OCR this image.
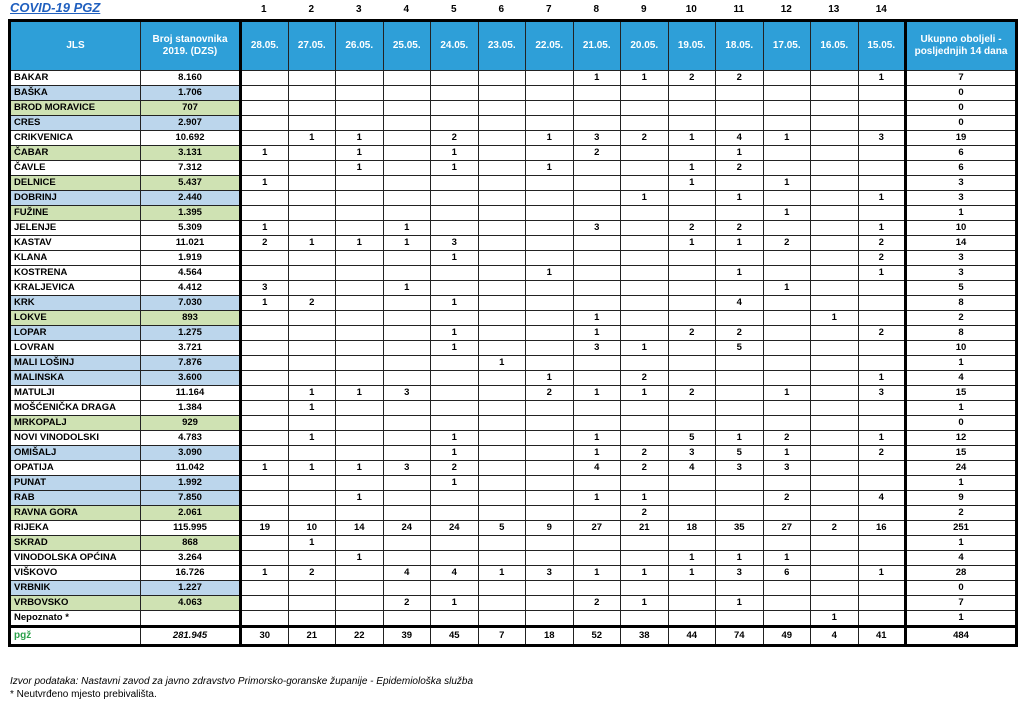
COVID-19 PGZ	1	2	3	4	5	6	7	8	9	10	11	12	13	14
JLS	Broj stanovnika 2019. (DZS)	28.05.	27.05.	26.05.	25.05.	24.05.	23.05.	22.05.	21.05.	20.05.	19.05.	18.05.	17.05.	16.05.	15.05.	Ukupno oboljeli - posljednjih 14 dana
BAKAR	8.160								1	1	2	2			1	7
BAŠKA	1.706															0
BROD MORAVICE	707															0
CRES	2.907															0
CRIKVENICA	10.692		1	1		2		1	3	2	1	4	1		3	19
ČABAR	3.131	1		1		1			2			1				6
ČAVLE	7.312			1		1		1			1	2				6
DELNICE	5.437	1									1		1			3
DOBRINJ	2.440									1		1			1	3
FUŽINE	1.395												1			1
JELENJE	5.309	1			1				3		2	2			1	10
KASTAV	11.021	2	1	1	1	3					1	1	2		2	14
KLANA	1.919					1									2	3
KOSTRENA	4.564							1				1			1	3
KRALJEVICA	4.412	3			1								1			5
KRK	7.030	1	2			1						4				8
LOKVE	893								1					1		2
LOPAR	1.275					1			1		2	2			2	8
LOVRAN	3.721					1			3	1		5				10
MALI LOŠINJ	7.876						1									1
MALINSKA	3.600							1		2					1	4
MATULJI	11.164		1	1	3			2	1	1	2		1		3	15
MOŠĆENIČKA DRAGA	1.384		1													1
MRKOPALJ	929															0
NOVI VINODOLSKI	4.783		1			1			1		5	1	2		1	12
OMIŠALJ	3.090					1			1	2	3	5	1		2	15
OPATIJA	11.042	1	1	1	3	2			4	2	4	3	3			24
PUNAT	1.992					1										1
RAB	7.850			1					1	1			2		4	9
RAVNA GORA	2.061									2						2
RIJEKA	115.995	19	10	14	24	24	5	9	27	21	18	35	27	2	16	251
SKRAD	868		1													1
VINODOLSKA OPĆINA	3.264			1							1	1	1			4
VIŠKOVO	16.726	1	2		4	4	1	3	1	1	1	3	6		1	28
VRBNIK	1.227															0
VRBOVSKO	4.063				2	1			2	1		1				7
Nepoznato *														1		1
pgž	281.945	30	21	22	39	45	7	18	52	38	44	74	49	4	41	484
Izvor podataka: Nastavni zavod za javno zdravstvo Primorsko-goranske županije - Epidemiološka služba
* Neutvrđeno mjesto prebivališta.
